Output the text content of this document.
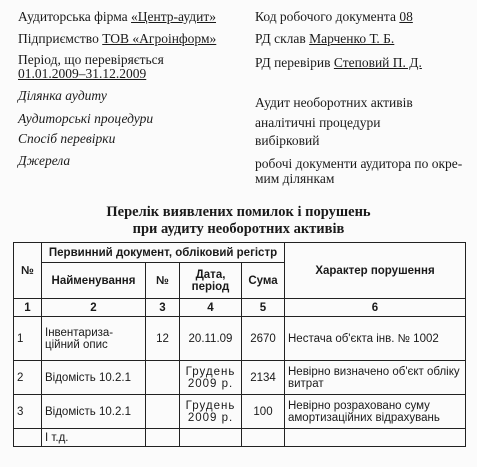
Аудиторська фірма «Центр-аудит»	Код робочого документа 08
Підприємство ТОВ «Агроінформ»	РД склав Марченко Т. Б.
Період, що перевіряється
01.01.2009–31.12.2009
РД перевірив Степовий П. Д.
Ділянка аудиту	Аудит необоротних активів
Аудиторські процедури	аналітичні процедури
Спосіб перевірки	вибірковий
Джерела	робочі документи аудитора по окре-
мим ділянкам
Перелік виявлених помилок і порушень
при аудиту необоротних активів
№	Первинний документ, обліковий регістр				Характер порушення
	Найменування	№	Дата, період	Сума	
1	2	3	4	5	6
1	Інвентариза-ційний опис	12	20.11.09	2670	Нестача об'єкта інв. № 1002
2	Відомість 10.2.1		Грудень 2009 р.	2134	Невірно визначено об'єкт обліку витрат
3	Відомість 10.2.1		Грудень 2009 р.	100	Невірно розраховано суму амортизаційних відрахувань
	І т.д.				
